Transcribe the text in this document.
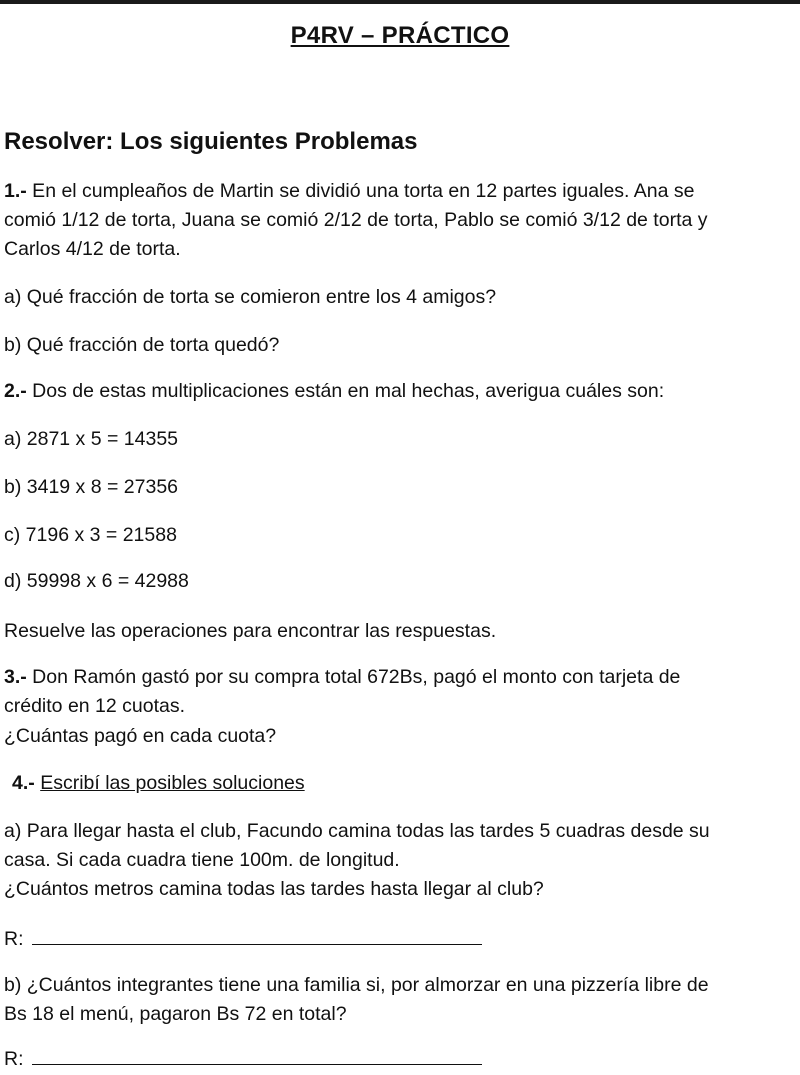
P4RV – PRÁCTICO
Resolver: Los siguientes Problemas
1.- En el cumpleaños de Martin se dividió una torta en 12 partes iguales. Ana se
comió 1/12 de torta, Juana se comió 2/12 de torta, Pablo se comió 3/12 de torta y
Carlos 4/12 de torta.
a) Qué fracción de torta se comieron entre los 4 amigos?
b) Qué fracción de torta quedó?
2.- Dos de estas multiplicaciones están en mal hechas, averigua cuáles son:
a) 2871 x 5 = 14355
b) 3419 x 8 = 27356
c) 7196 x 3 = 21588
d) 59998 x 6 = 42988
Resuelve las operaciones para encontrar las respuestas.
3.- Don Ramón gastó por su compra total 672Bs, pagó el monto con tarjeta de
crédito en 12 cuotas.
¿Cuántas pagó en cada cuota?
4.- Escribí las posibles soluciones
a) Para llegar hasta el club, Facundo camina todas las tardes 5 cuadras desde su
casa. Si cada cuadra tiene 100m. de longitud.
¿Cuántos metros camina todas las tardes hasta llegar al club?
R:
b) ¿Cuántos integrantes tiene una familia si, por almorzar en una pizzería libre de
Bs 18 el menú, pagaron Bs 72 en total?
R:
